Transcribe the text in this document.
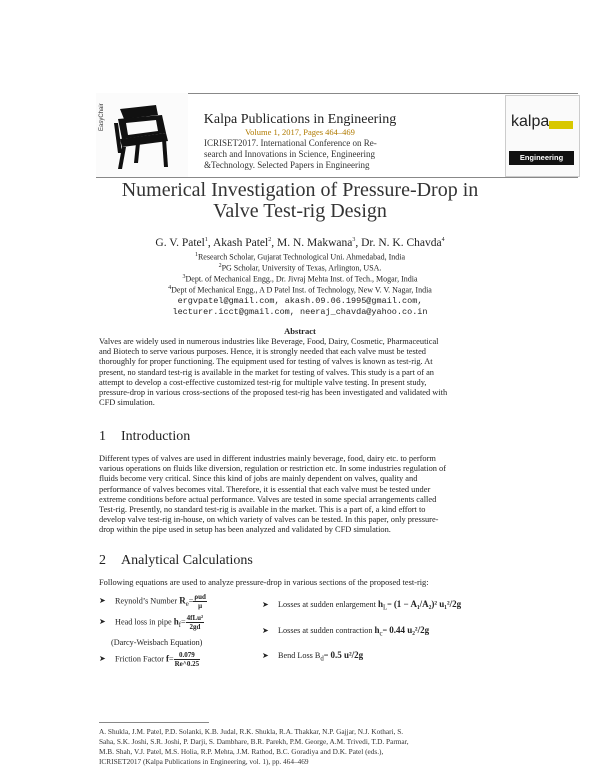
EasyChair	kalpa
Engineering
Kalpa Publications in Engineering
Volume 1, 2017, Pages 464–469
ICRISET2017. International Conference on Re-
search and Innovations in Science, Engineering
&Technology. Selected Papers in Engineering
Numerical Investigation of Pressure-Drop in
Valve Test-rig Design
G. V. Patel$^1$, Akash Patel$^2$, M. N. Makwana$^3$, Dr. N. K. Chavda$^4$
$^1$Research Scholar, Gujarat Technological Uni. Ahmedabad, India
$^2$PG Scholar, University of Texas, Arlington, USA.
$^3$Dept. of Mechanical Engg., Dr. Jivraj Mehta Inst. of Tech., Mogar, India
$^4$Dept of Mechanical Engg., A D Patel Inst. of Technology, New V. V. Nagar, India
ergvpatel@gmail.com, akash.09.06.1995@gmail.com,
lecturer.icct@gmail.com, neeraj_chavda@yahoo.co.in
Abstract
Valves are widely used in numerous industries like Beverage, Food, Dairy, Cosmetic, Pharmaceutical
and Biotech to serve various purposes. Hence, it is strongly needed that each valve must be tested
thoroughly for proper functioning. The equipment used for testing of valves is known as test-rig. At
present, no standard test-rig is available in the market for testing of valves. This study is a part of an
attempt to develop a cost-effective customized test-rig for multiple valve testing. In present study,
pressure-drop in various cross-sections of the proposed test-rig has been investigated and validated with
CFD simulation.
1 Introduction
Different types of valves are used in different industries mainly beverage, food, dairy etc. to perform
various operations on fluids like diversion, regulation or restriction etc. In some industries regulation of
fluids become very critical. Since this kind of jobs are mainly dependent on valves, quality and
performance of valves becomes vital. Therefore, it is essential that each valve must be tested under
extreme conditions before actual performance. Valves are tested in some special arrangements called
Test-rig. Presently, no standard test-rig is available in the market. This is a part of, a kind effort to
develop valve test-rig in-house, on which variety of valves can be tested. In this paper, only pressure-
drop within the pipe used in setup has been analyzed and validated by CFD simulation.
2 Analytical Calculations
Following equations are used to analyze pressure-drop in various sections of the proposed test-rig:
➤ Reynold’s Number $R_e= \frac{\text{ρud}}{\mu}$
➤ Head loss in pipe $h_f= \frac{\text{4fLu²}}{2gd}$
(Darcy-Weisbach Equation)
➤ Friction Factor $f= \frac{0.079}{Re\^{}0.25}$
➤ Losses at sudden enlargement $h_L= (1 - A_1/A_2)^2$ u₁²/2g
➤ Losses at sudden contraction $h_c= 0.44$ u₂²/2g
➤ Bend Loss $B_d= 0.5$ u²/2g
A. Shukla, J.M. Patel, P.D. Solanki, K.B. Judal, R.K. Shukla, R.A. Thakkar, N.P. Gajjar, N.J. Kothari, S.
Saha, S.K. Joshi, S.R. Joshi, P. Darji, S. Dambhare, B.R. Parekh, P.M. George, A.M. Trivedi, T.D. Parmar,
M.B. Shah, V.J. Patel, M.S. Holia, R.P. Mehta, J.M. Rathod, B.C. Goradiya and D.K. Patel (eds.),
ICRISET2017 (Kalpa Publications in Engineering, vol. 1), pp. 464–469
